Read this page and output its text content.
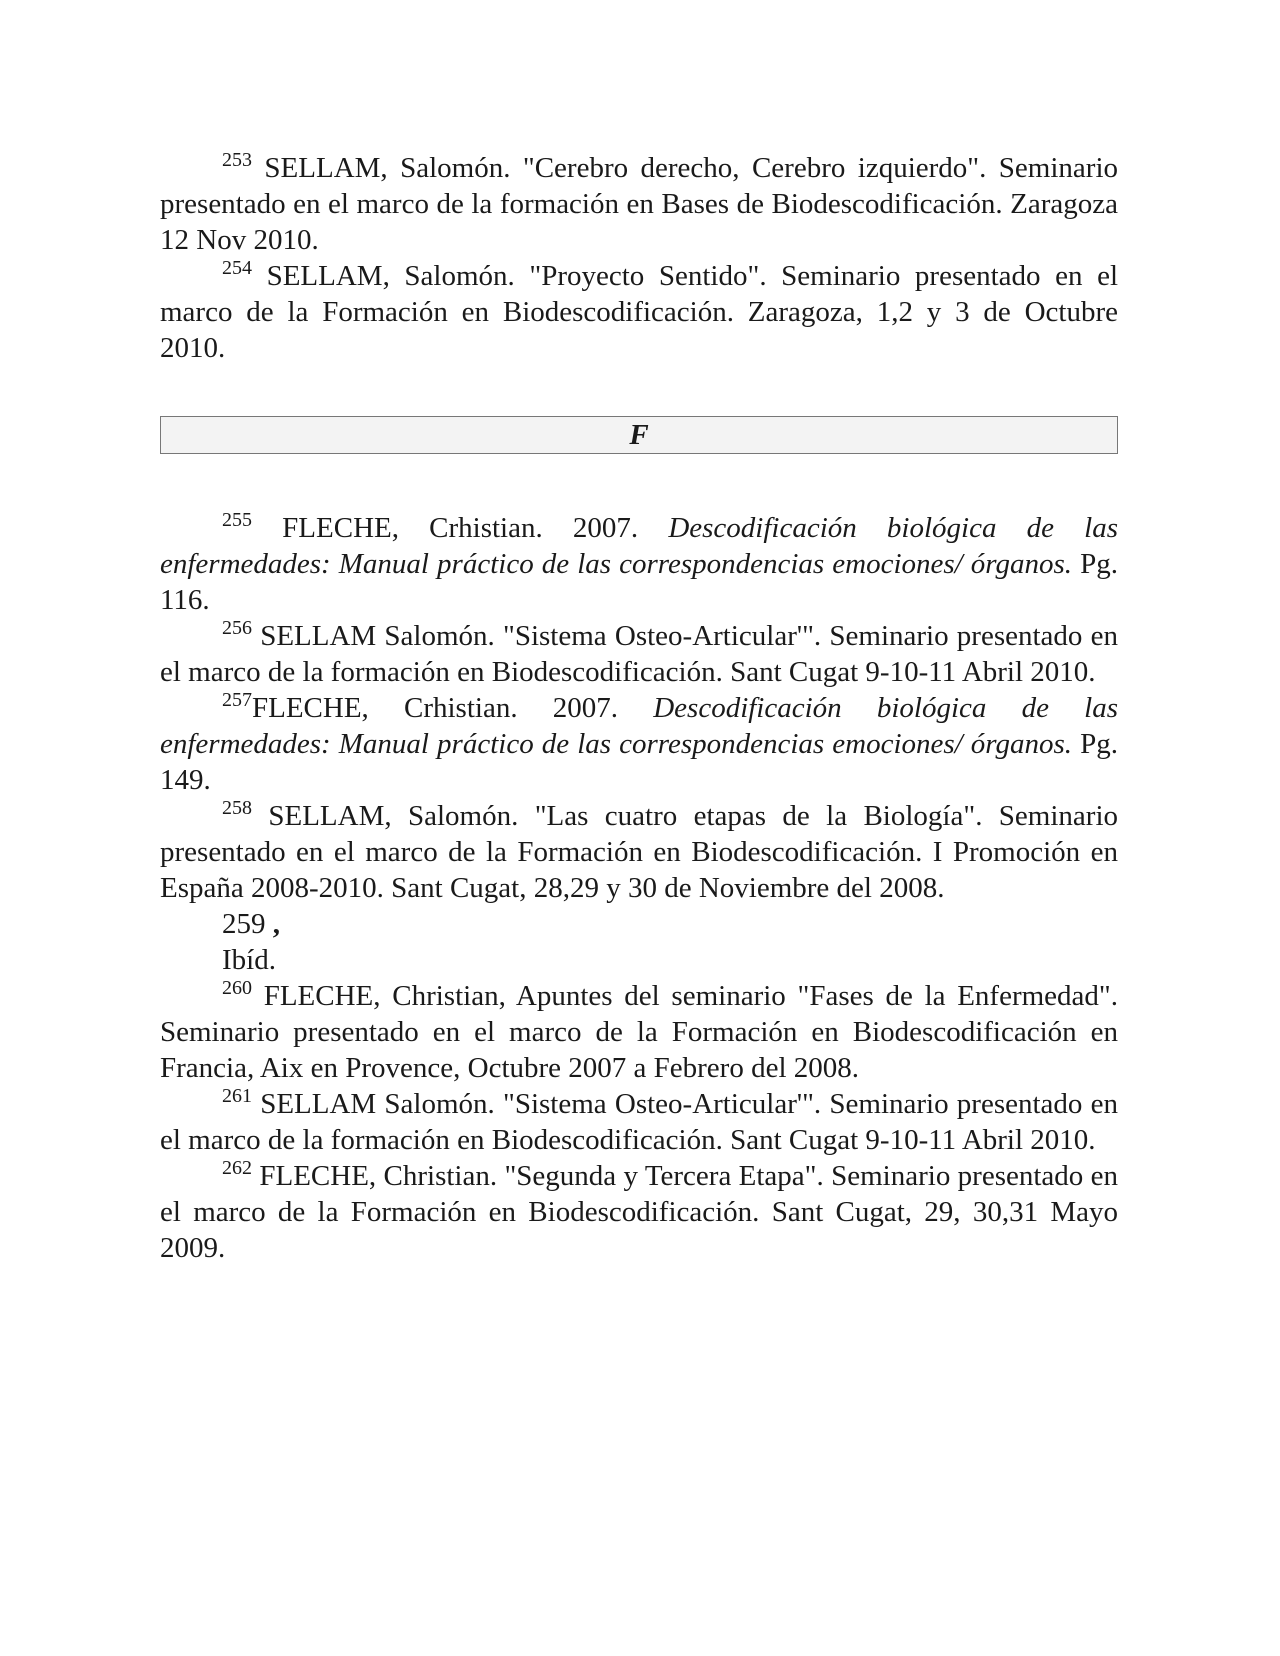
$^{253}$ SELLAM, Salomón. "Cerebro derecho, Cerebro izquierdo". Seminario presentado en el marco de la formación en Bases de Biodescodificación. Zaragoza 12 Nov 2010.

$^{254}$ SELLAM, Salomón. "Proyecto Sentido". Seminario presentado en el marco de la Formación en Biodescodificación. Zaragoza, 1,2 y 3 de Octubre 2010.

F

$^{255}$ FLECHE, Crhistian. 2007. Descodificación biológica de las enfermedades: Manual práctico de las correspondencias emociones/ órganos. Pg. 116.

$^{256}$ SELLAM Salomón. "Sistema Osteo-Articular'". Seminario presentado en el marco de la formación en Biodescodificación. Sant Cugat 9-10-11 Abril 2010.

$^{257}$FLECHE, Crhistian. 2007. Descodificación biológica de las enfermedades: Manual práctico de las correspondencias emociones/ órganos. Pg. 149.

$^{258}$ SELLAM, Salomón. "Las cuatro etapas de la Biología". Seminario presentado en el marco de la Formación en Biodescodificación. I Promoción en España 2008-2010. Sant Cugat, 28,29 y 30 de Noviembre del 2008.

259 ,

Ibíd.

$^{260}$ FLECHE, Christian, Apuntes del seminario "Fases de la Enfermedad". Seminario presentado en el marco de la Formación en Biodescodificación en Francia, Aix en Provence, Octubre 2007 a Febrero del 2008.

$^{261}$ SELLAM Salomón. "Sistema Osteo-Articular'". Seminario presentado en el marco de la formación en Biodescodificación. Sant Cugat 9-10-11 Abril 2010.

$^{262}$ FLECHE, Christian. "Segunda y Tercera Etapa". Seminario presentado en el marco de la Formación en Biodescodificación. Sant Cugat, 29, 30,31 Mayo 2009.
